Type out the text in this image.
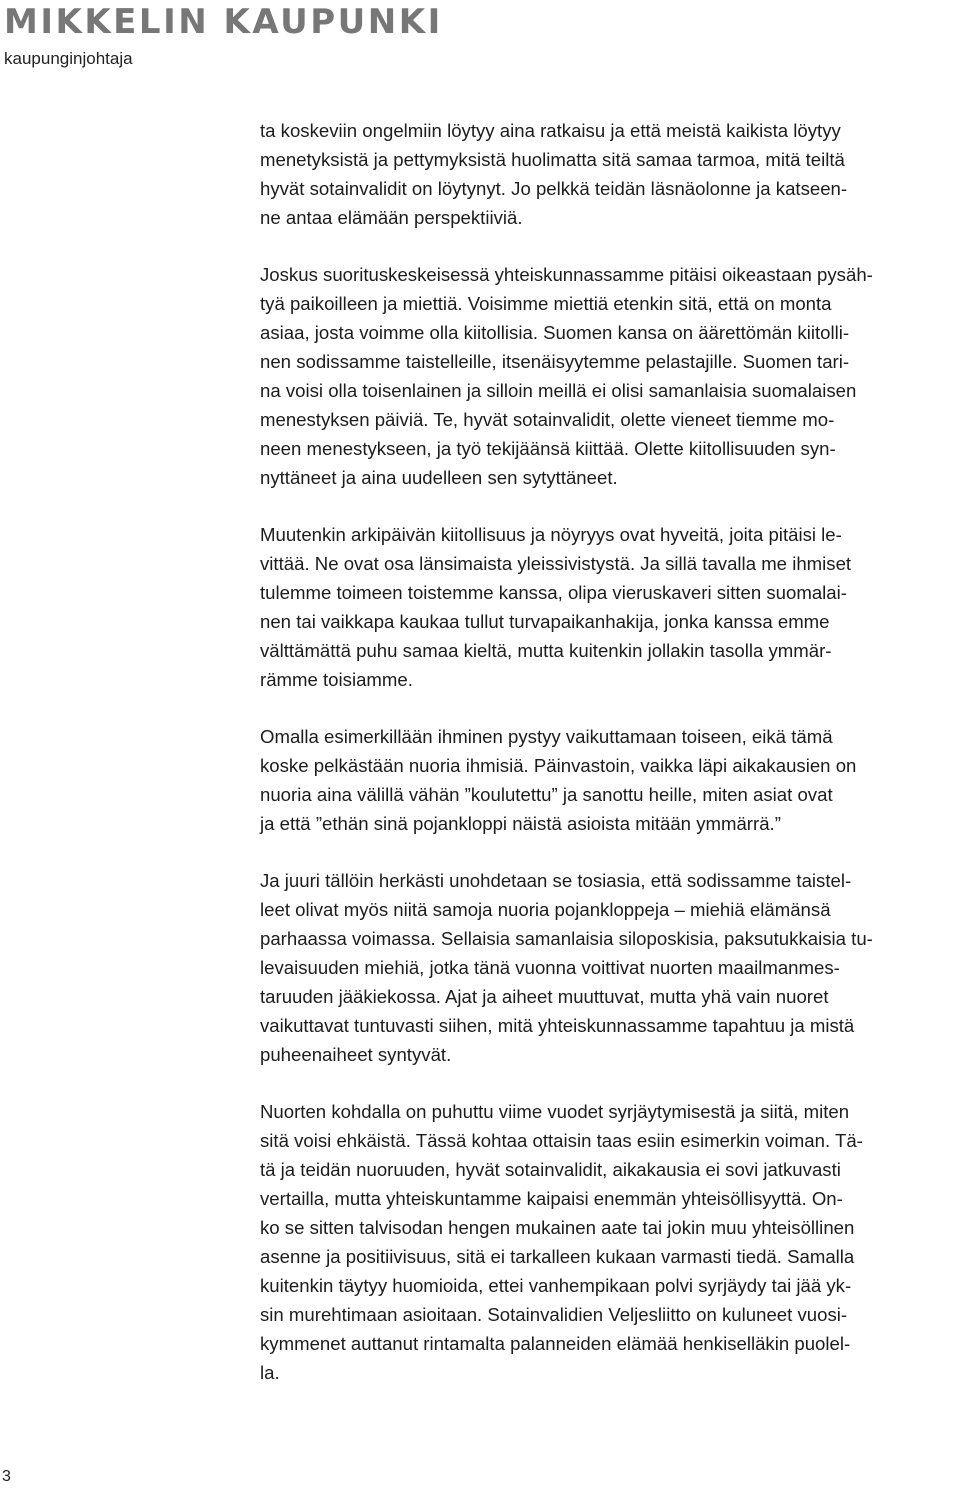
MIKKELIN KAUPUNKI
kaupunginjohtaja

ta koskeviin ongelmiin löytyy aina ratkaisu ja että meistä kaikista löytyy
menetyksistä ja pettymyksistä huolimatta sitä samaa tarmoa, mitä teiltä
hyvät sotainvalidit on löytynyt. Jo pelkkä teidän läsnäolonne ja katseen-
ne antaa elämään perspektiiviä.

Joskus suorituskeskeisessä yhteiskunnassamme pitäisi oikeastaan pysäh-
tyä paikoilleen ja miettiä. Voisimme miettiä etenkin sitä, että on monta
asiaa, josta voimme olla kiitollisia. Suomen kansa on äärettömän kiitolli-
nen sodissamme taistelleille, itsenäisyytemme pelastajille. Suomen tari-
na voisi olla toisenlainen ja silloin meillä ei olisi samanlaisia suomalaisen
menestyksen päiviä. Te, hyvät sotainvalidit, olette vieneet tiemme mo-
neen menestykseen, ja työ tekijäänsä kiittää. Olette kiitollisuuden syn-
nyttäneet ja aina uudelleen sen sytyttäneet.

Muutenkin arkipäivän kiitollisuus ja nöyryys ovat hyveitä, joita pitäisi le-
vittää. Ne ovat osa länsimaista yleissivistystä. Ja sillä tavalla me ihmiset
tulemme toimeen toistemme kanssa, olipa vieruskaveri sitten suomalai-
nen tai vaikkapa kaukaa tullut turvapaikanhakija, jonka kanssa emme
välttämättä puhu samaa kieltä, mutta kuitenkin jollakin tasolla ymmär-
rämme toisiamme.

Omalla esimerkillään ihminen pystyy vaikuttamaan toiseen, eikä tämä
koske pelkästään nuoria ihmisiä. Päinvastoin, vaikka läpi aikakausien on
nuoria aina välillä vähän ”koulutettu” ja sanottu heille, miten asiat ovat
ja että ”ethän sinä pojankloppi näistä asioista mitään ymmärrä.”

Ja juuri tällöin herkästi unohdetaan se tosiasia, että sodissamme taistel-
leet olivat myös niitä samoja nuoria pojankloppeja – miehiä elämänsä
parhaassa voimassa. Sellaisia samanlaisia siloposkisia, paksutukkaisia tu-
levaisuuden miehiä, jotka tänä vuonna voittivat nuorten maailmanmes-
taruuden jääkiekossa. Ajat ja aiheet muuttuvat, mutta yhä vain nuoret
vaikuttavat tuntuvasti siihen, mitä yhteiskunnassamme tapahtuu ja mistä
puheenaiheet syntyvät.

Nuorten kohdalla on puhuttu viime vuodet syrjäytymisestä ja siitä, miten
sitä voisi ehkäistä. Tässä kohtaa ottaisin taas esiin esimerkin voiman. Tä-
tä ja teidän nuoruuden, hyvät sotainvalidit, aikakausia ei sovi jatkuvasti
vertailla, mutta yhteiskuntamme kaipaisi enemmän yhteisöllisyyttä. On-
ko se sitten talvisodan hengen mukainen aate tai jokin muu yhteisöllinen
asenne ja positiivisuus, sitä ei tarkalleen kukaan varmasti tiedä. Samalla
kuitenkin täytyy huomioida, ettei vanhempikaan polvi syrjäydy tai jää yk-
sin murehtimaan asioitaan. Sotainvalidien Veljesliitto on kuluneet vuosi-
kymmenet auttanut rintamalta palanneiden elämää henkiselläkin puolel-
la.

3
